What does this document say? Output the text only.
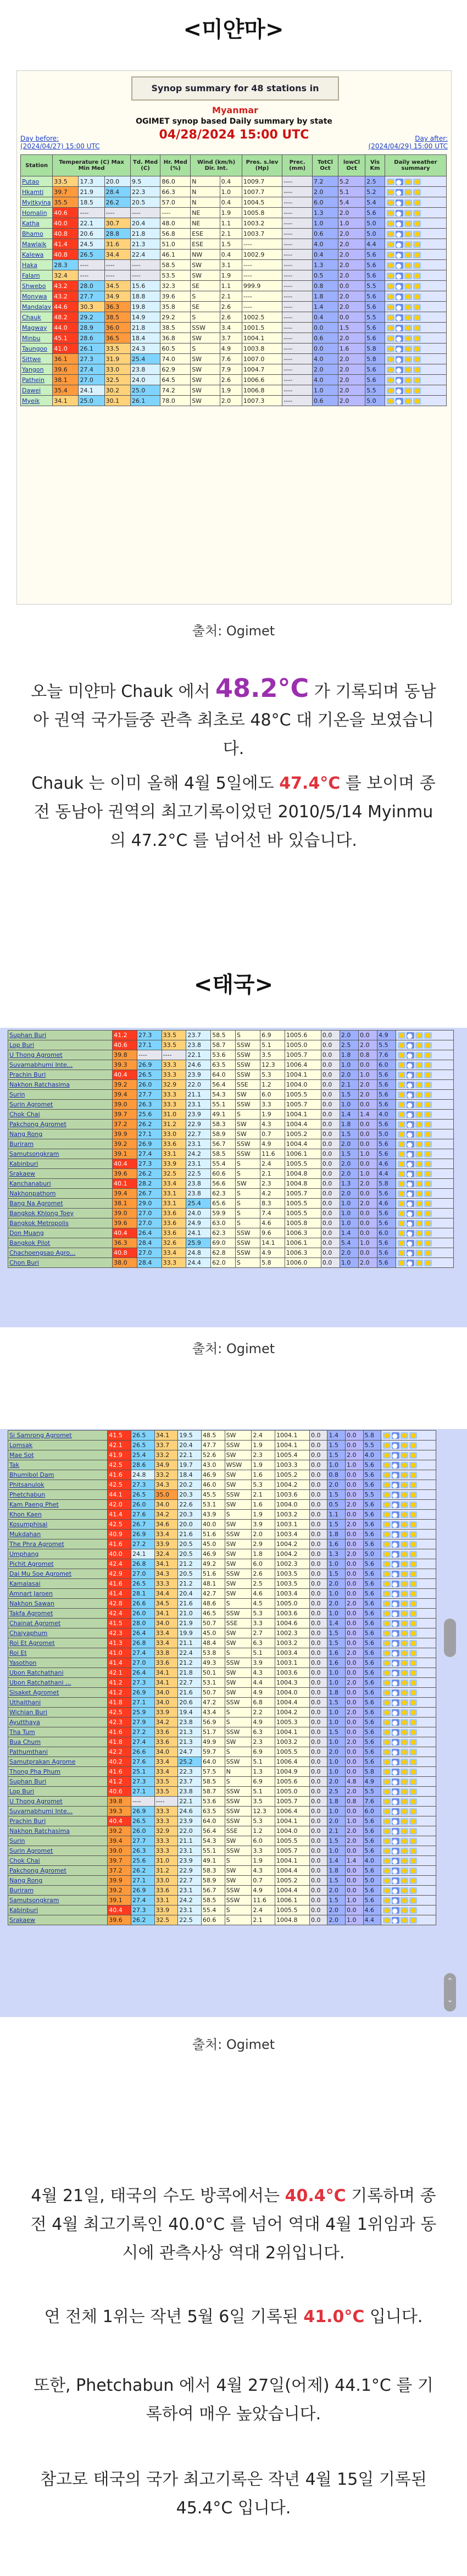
<미얀마>
Synop summary for 48 stations in Myanmar
OGIMET synop based Daily summary by state
04/28/2024 15:00 UTC
Day before:
(2024/04/27) 15:00 UTC
Day after:
(2024/04/29) 15:00 UTC
Station	Temperature (C) Max Min Med			Td. Med (C)	Hr. Med (%)	Wind (km/h) Dir. Int.		Pres. s.lev (Hp)	Prec. (mm)	TotCl Oct	lowCl Oct	Vis Km	Daily weather summary
Putao	33.5	17.3	20.0	9.5	86.0	N	0.4	1009.7	----	7.2	5.2	2.5	
Hkamti	39.7	21.9	28.4	22.3	66.3	N	1.0	1007.7	----	2.0	5.1	5.2	
Myitkyina	35.5	18.5	26.2	20.5	57.0	N	0.4	1004.5	----	6.0	5.4	5.4	
Homalin	40.6	----	----	----	----	NE	1.9	1005.8	----	1.3	2.0	5.6	
Katha	40.0	22.1	30.7	20.4	48.0	NE	1.1	1003.2	----	1.0	1.0	5.0	
Bhamo	40.8	20.6	28.8	21.8	56.8	ESE	2.1	1003.7	----	0.6	2.0	5.0	
Mawlaik	41.4	24.5	31.6	21.3	51.0	ESE	1.5	----	----	4.0	2.0	4.4	
Kalewa	40.8	26.5	34.4	22.4	46.1	NW	0.4	1002.9	----	0.4	2.0	5.6	
Haka	28.3	----	----	----	58.5	SW	3.1	----	----	1.3	2.0	5.6	
Falam	32.4	----	----	----	53.5	SW	1.9	----	----	0.5	2.0	5.6	
Shwebo	43.2	28.0	34.5	15.6	32.3	SE	1.1	999.9	----	0.8	0.0	5.5	
Monywa	43.2	27.7	34.9	18.8	39.6	S	2.1	----	----	1.8	2.0	5.6	
Mandalay	44.6	30.3	36.3	19.8	35.8	SE	2.6	----	----	1.4	2.0	5.6	
Chauk	48.2	29.2	38.5	14.9	29.2	S	2.6	1002.5	----	0.4	0.0	5.5	
Magway	44.0	28.9	36.0	21.8	38.5	SSW	3.4	1001.5	----	0.0	1.5	5.6	
Minbu	45.1	28.6	36.5	18.4	36.8	SW	3.7	1004.1	----	0.6	2.0	5.6	
Taungoo	41.0	26.1	33.5	24.3	60.5	S	4.9	1003.8	----	0.0	1.6	5.8	
Sittwe	36.1	27.3	31.9	25.4	74.0	SW	7.6	1007.0	----	4.0	2.0	5.8	
Yangon	39.6	27.4	33.0	23.8	62.9	SW	7.9	1004.7	----	2.0	2.0	5.6	
Pathein	38.1	27.0	32.5	24.0	64.5	SW	2.6	1006.6	----	4.0	2.0	5.6	
Dawei	35.4	24.1	30.2	25.0	74.2	SW	1.9	1006.8	----	1.0	2.0	5.5	
Myeik	34.1	25.0	30.1	26.1	78.0	SW	2.0	1007.3	----	0.6	2.0	5.0	
출처: Ogimet

오늘 미얀마 Chauk 에서 48.2°C 가 기록되며 동남아 권역 국가들중 관측 최초로 48°C 대 기온을 보였습니다.

Chauk 는 이미 올해 4월 5일에도 47.4°C 를 보이며 종전 동남아 권역의 최고기록이었던 2010/5/14 Myinmu 의 47.2°C 를 넘어선 바 있습니다.

<태국>
Suphan Buri	41.2	27.3	33.5	23.7	58.5	S	6.9	1005.6	0.0	2.0	0.0	4.9	
Lop Buri	40.6	27.1	33.5	23.8	58.7	SSW	5.1	1005.0	0.0	2.5	2.0	5.5	
U Thong Agromet	39.8	----	----	22.1	53.6	SSW	3.5	1005.7	0.0	1.8	0.8	7.6	
Suvarnabhumi Inte...	39.3	26.9	33.3	24.6	63.5	SSW	12.3	1006.4	0.0	1.0	0.0	6.0	
Prachin Buri	40.4	26.5	33.3	23.9	64.0	SSW	5.3	1004.1	0.0	2.0	1.0	5.6	
Nakhon Ratchasima	39.2	26.0	32.9	22.0	56.4	SSE	1.2	1004.0	0.0	2.1	2.0	5.6	
Surin	39.4	27.7	33.3	21.1	54.3	SW	6.0	1005.5	0.0	1.5	2.0	5.6	
Surin Agromet	39.0	26.3	33.3	23.1	55.1	SSW	3.3	1005.7	0.0	1.0	0.0	5.6	
Chok Chai	39.7	25.6	31.0	23.9	49.1	S	1.9	1004.1	0.0	1.4	1.4	4.0	
Pakchong Agromet	37.2	26.2	31.2	22.9	58.3	SW	4.3	1004.4	0.0	1.8	0.0	5.6	
Nang Rong	39.9	27.1	33.0	22.7	58.9	SW	0.7	1005.2	0.0	1.5	0.0	5.0	
Buriram	39.2	26.9	33.6	23.1	56.7	SSW	4.9	1004.4	0.0	2.0	0.0	5.6	
Samutsongkram	39.1	27.4	33.1	24.2	58.5	SSW	11.6	1006.1	0.0	1.5	1.0	5.6	
Kabinburi	40.4	27.3	33.9	23.1	55.4	S	2.4	1005.5	0.0	2.0	0.0	4.6	
Srakaew	39.6	26.2	32.5	22.5	60.6	S	2.1	1004.8	0.0	2.0	1.0	4.4	
Kanchanaburi	40.1	28.2	33.4	23.8	56.6	SW	2.3	1004.8	0.0	1.3	2.0	5.8	
Nakhonpathom	39.4	26.7	33.1	23.8	62.3	S	4.2	1005.7	0.0	2.0	0.0	5.6	
Bang Na Agromet	38.1	29.0	33.1	25.4	65.6	S	8.3	1005.5	0.0	1.0	2.0	4.6	
Bangkok Khlong Toey	39.0	27.0	33.6	24.0	59.9	S	7.4	1005.5	0.0	1.0	0.0	5.6	
Bangkok Metropolis	39.6	27.0	33.6	24.9	63.0	S	4.6	1005.8	0.0	1.0	0.0	5.6	
Don Muang	40.4	26.4	33.6	24.1	62.3	SSW	9.6	1006.3	0.0	1.4	0.0	6.0	
Bangkok Pilot	36.3	28.4	32.6	25.9	69.0	SSW	14.1	1006.1	0.0	5.4	1.0	5.6	
Chachoengsao Agro...	40.8	27.0	33.4	24.8	62.8	SSW	4.9	1006.3	0.0	2.0	0.0	5.6	
Chon Buri	38.0	28.4	33.3	24.4	62.0	S	5.8	1006.0	0.0	1.0	2.0	5.6	
출처: Ogimet
Si Samrong Agromet	41.5	26.5	34.1	19.5	48.5	SW	2.4	1004.1	0.0	1.4	0.0	5.8	
Lomsak	42.1	26.5	33.7	20.4	47.7	SSW	1.9	1004.1	0.0	1.5	0.0	5.5	
Mae Sot	41.9	25.4	33.2	22.1	52.6	SW	2.3	1005.4	0.0	1.5	2.0	4.0	
Tak	42.5	28.6	34.9	19.7	43.0	WSW	1.9	1003.3	0.0	1.0	1.0	5.6	
Bhumibol Dam	41.6	24.8	33.2	18.4	46.9	SW	1.6	1005.2	0.0	0.8	0.0	5.6	
Phitsanulok	42.5	27.3	34.3	20.2	46.0	SW	5.3	1004.2	0.0	2.0	0.0	5.6	
Phetchabun	44.1	26.5	35.0	20.3	45.5	SSW	2.1	1003.6	0.0	1.5	0.0	5.5	
Kam Paeng Phet	42.0	26.0	34.0	22.6	53.1	SW	1.6	1004.0	0.0	0.5	2.0	5.6	
Khon Kaen	41.4	27.6	34.2	20.3	43.9	S	1.9	1003.2	0.0	1.1	0.0	5.6	
Kosumphisai	42.5	26.7	34.6	20.0	40.0	SW	3.9	1003.1	0.0	1.5	2.0	5.6	
Mukdahan	40.9	26.9	33.4	21.6	51.6	SSW	2.0	1003.4	0.0	1.8	0.0	5.6	
The Phra Agromet	41.6	27.2	33.9	20.5	45.0	SW	2.9	1004.2	0.0	1.6	0.0	5.6	
Umphang	40.0	24.1	32.4	20.5	46.9	SW	1.8	1004.2	0.0	1.3	2.0	5.0	
Pichit Agromet	42.4	26.8	34.1	21.2	49.2	SW	6.0	1002.3	0.0	1.0	0.0	5.6	
Dai Mu Soe Agromet	42.9	27.0	34.3	20.5	51.6	SSW	2.6	1003.5	0.0	1.5	0.0	5.6	
Kamalasai	41.6	26.5	33.3	21.2	48.1	SW	2.5	1003.5	0.0	2.0	0.0	5.6	
Amnart Jaroen	41.4	28.1	34.4	20.4	42.7	SW	4.6	1003.4	0.0	1.0	0.0	5.6	
Nakhon Sawan	42.8	26.6	34.5	21.6	48.6	S	4.5	1005.0	0.0	2.0	2.0	5.6	
Takfa Agromet	42.4	26.0	34.1	21.0	46.5	SSW	5.3	1003.6	0.0	1.0	0.0	5.6	
Chainat Agromet	41.5	28.0	34.0	21.9	50.7	SSE	3.3	1004.6	0.0	1.4	0.0	5.6	
Chaiyaphum	42.3	26.4	33.4	19.9	45.0	SW	2.7	1002.3	0.0	1.5	0.0	5.6	
Roi Et Agromet	41.3	26.8	33.4	21.1	48.4	SW	6.3	1003.2	0.0	1.5	0.0	5.6	
Roi Et	41.0	27.4	33.8	22.4	53.8	S	5.1	1003.4	0.0	1.6	2.0	5.6	
Yasothon	41.4	27.0	33.6	21.2	49.3	SSW	3.9	1003.1	0.0	1.6	0.0	5.6	
Ubon Ratchathani	42.1	26.4	34.1	21.8	50.1	SW	4.3	1003.6	0.0	1.0	0.0	5.6	
Ubon Ratchathani ...	41.2	27.3	34.1	22.7	53.1	SW	4.4	1004.3	0.0	1.0	2.0	5.6	
Sisaket Agromet	41.2	26.9	34.0	21.6	50.7	SW	4.9	1004.0	0.0	1.8	0.0	5.6	
Uthaithani	41.8	27.1	34.0	20.6	47.2	SSW	6.8	1004.4	0.0	1.5	0.0	5.6	
Wichian Buri	42.5	25.9	33.9	19.4	43.4	S	2.2	1004.2	0.0	1.0	2.0	5.6	
Ayutthaya	42.3	27.9	34.2	23.8	56.9	S	4.9	1005.3	0.0	1.0	0.0	5.6	
Tha Tum	41.6	27.2	33.6	21.3	51.7	SSW	6.3	1004.1	0.0	1.5	0.0	5.6	
Bua Chum	41.8	27.4	33.6	21.3	49.9	SW	2.3	1003.2	0.0	1.0	2.0	5.6	
Pathumthani	42.2	26.6	34.0	24.7	59.7	S	6.9	1005.5	0.0	2.0	0.0	5.6	
Samutprakan Agrome	40.2	27.6	33.4	25.2	64.0	SSW	5.1	1006.4	0.0	1.0	0.0	5.6	
Thong Pha Phum	41.6	25.1	33.4	22.3	57.5	N	1.3	1004.9	0.0	1.0	0.0	5.8	
Suphan Buri	41.2	27.3	33.5	23.7	58.5	S	6.9	1005.6	0.0	2.0	4.8	4.9	
Lop Buri	40.6	27.1	33.5	23.8	58.7	SSW	5.1	1005.0	0.0	2.5	2.0	5.5	
U Thong Agromet	39.8	----	----	22.1	53.6	SSW	3.5	1005.7	0.0	1.8	0.8	7.6	
Suvarnabhumi Inte...	39.3	26.9	33.3	24.6	63.5	SSW	12.3	1006.4	0.0	1.0	0.0	6.0	
Prachin Buri	40.4	26.5	33.3	23.9	64.0	SSW	5.3	1004.1	0.0	2.0	1.0	5.6	
Nakhon Ratchasima	39.2	26.0	32.9	22.0	56.4	SSE	1.2	1004.0	0.0	2.1	2.0	5.6	
Surin	39.4	27.7	33.3	21.1	54.3	SW	6.0	1005.5	0.0	1.5	2.0	5.6	
Surin Agromet	39.0	26.3	33.3	23.1	55.1	SSW	3.3	1005.7	0.0	1.0	0.0	5.6	
Chok Chai	39.7	25.6	31.0	23.9	49.1	S	1.9	1004.1	0.0	1.4	1.4	4.0	
Pakchong Agromet	37.2	26.2	31.2	22.9	58.3	SW	4.3	1004.4	0.0	1.8	0.0	5.6	
Nang Rong	39.9	27.1	33.0	22.7	58.9	SW	0.7	1005.2	0.0	1.5	0.0	5.0	
Buriram	39.2	26.9	33.6	23.1	56.7	SSW	4.9	1004.4	0.0	2.0	0.0	5.6	
Samutsongkram	39.1	27.4	33.1	24.2	58.5	SSW	11.6	1006.1	0.0	1.5	1.0	5.6	
Kabinburi	40.4	27.3	33.9	23.1	55.4	S	2.4	1005.5	0.0	2.0	0.0	4.6	
Srakaew	39.6	26.2	32.5	22.5	60.6	S	2.1	1004.8	0.0	2.0	1.0	4.4	
⌃
⌄
출처: Ogimet

4월 21일, 태국의 수도 방콕에서는 40.4°C 기록하며 종전 4월 최고기록인 40.0°C 를 넘어 역대 4월 1위임과 동시에 관측사상 역대 2위입니다.

연 전체 1위는 작년 5월 6일 기록된 41.0°C 입니다.

또한, Phetchabun 에서 4월 27일(어제) 44.1°C 를 기록하여 매우 높았습니다.

참고로 태국의 국가 최고기록은 작년 4월 15일 기록된 45.4°C 입니다.
